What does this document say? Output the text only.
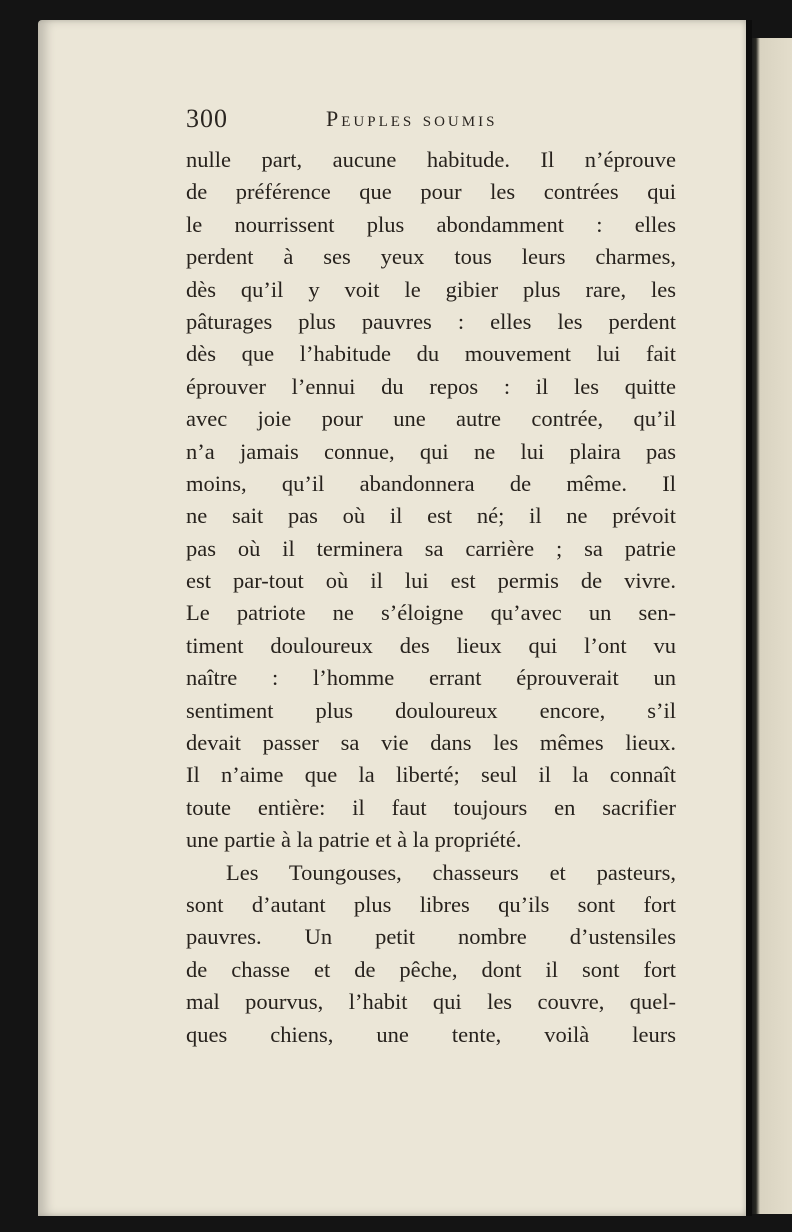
300	Peuples soumis
nulle part, aucune habitude. Il n’éprouve
de préférence que pour les contrées qui
le nourrissent plus abondamment : elles
perdent à ses yeux tous leurs charmes,
dès qu’il y voit le gibier plus rare, les
pâturages plus pauvres : elles les perdent
dès que l’habitude du mouvement lui fait
éprouver l’ennui du repos : il les quitte
avec joie pour une autre contrée, qu’il
n’a jamais connue, qui ne lui plaira pas
moins, qu’il abandonnera de même. Il
ne sait pas où il est né; il ne prévoit
pas où il terminera sa carrière ; sa patrie
est par-tout où il lui est permis de vivre.
Le patriote ne s’éloigne qu’avec un sen-
timent douloureux des lieux qui l’ont vu
naître : l’homme errant éprouverait un
sentiment plus douloureux encore, s’il
devait passer sa vie dans les mêmes lieux.
Il n’aime que la liberté; seul il la connaît
toute entière: il faut toujours en sacrifier
une partie à la patrie et à la propriété.
Les Toungouses, chasseurs et pasteurs,
sont d’autant plus libres qu’ils sont fort
pauvres. Un petit nombre d’ustensiles
de chasse et de pêche, dont il sont fort
mal pourvus, l’habit qui les couvre, quel-
ques chiens, une tente, voilà leurs
